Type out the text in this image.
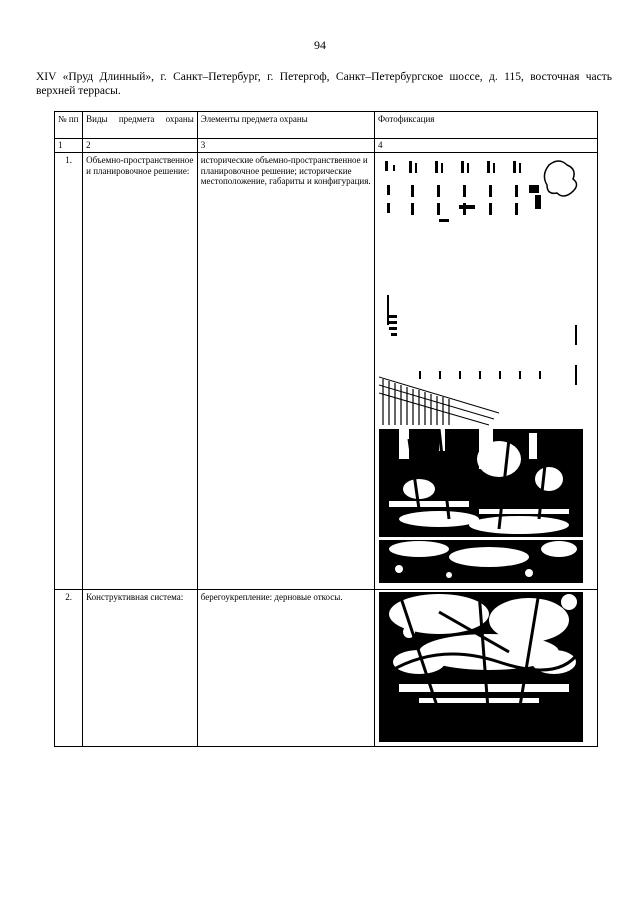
94
XIV «Пруд Длинный», г. Санкт–Петербург, г. Петергоф, Санкт–Петербургское шоссе, д. 115, восточная часть верхней террасы.
№ пп	Виды предмета охраны	Элементы предмета охраны	Фотофиксация
1	2	3	4
1.	Объемно-пространственное и планировочное решение:	исторические объемно-пространственное и планировочное решение; исторические местоположение, габариты и конфигурация.	

2.	Конструктивная система:	берегоукрепление: дерновые откосы.	
